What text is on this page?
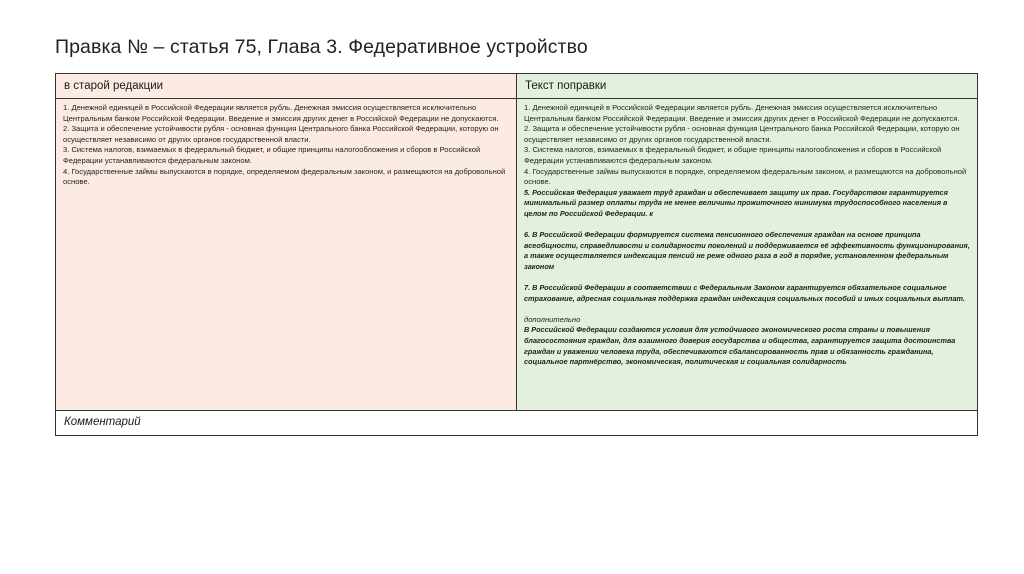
Правка № – статья 75, Глава 3. Федеративное устройство
в старой редакции	Текст поправки

1. Денежной единицей в Российской Федерации является рубль. Денежная эмиссия осуществляется исключительно Центральным банком Российской Федерации. Введение и эмиссия других денег в Российской Федерации не допускаются.

2. Защита и обеспечение устойчивости рубля - основная функция Центрального банка Российской Федерации, которую он осуществляет независимо от других органов государственной власти.

3. Система налогов, взимаемых в федеральный бюджет, и общие принципы налогообложения и сборов в Российской Федерации устанавливаются федеральным законом.

4. Государственные займы выпускаются в порядке, определяемом федеральным законом, и размещаются на добровольной основе.

1. Денежной единицей в Российской Федерации является рубль. Денежная эмиссия осуществляется исключительно Центральным банком Российской Федерации. Введение и эмиссия других денег в Российской Федерации не допускаются.

2. Защита и обеспечение устойчивости рубля - основная функция Центрального банка Российской Федерации, которую он осуществляет независимо от других органов государственной власти.

3. Система налогов, взимаемых в федеральный бюджет, и общие принципы налогообложения и сборов в Российской Федерации устанавливаются федеральным законом.

4. Государственные займы выпускаются в порядке, определяемом федеральным законом, и размещаются на добровольной основе.

5. Российская Федерация уважает труд граждан и обеспечивает защиту их прав. Государством гарантируется минимальный размер оплаты труда не менее величины прожиточного минимума трудоспособного населения в целом по Российской Федерации. к

6. В Российской Федерации формируется система пенсионного обеспечения граждан на основе принципа всеобщности, справедливости и солидарности поколений и поддерживается её эффективность функционирования, а также осуществляется индексация пенсий не реже одного раза в год в порядке, установленном федеральным законом

7. В Российской Федерации в соответствии с Федеральным Законом гарантируется обязательное социальное страхование, адресная социальная поддержка граждан индексация социальных пособий и иных социальных выплат.

дополнительно

В Российской Федерации создаются условия для устойчивого экономического роста страны и повышения благосостояния граждан, для взаимного доверия государства и общества, гарантируется защита достоинства граждан и уважении человека труда, обеспечиваются сбалансированность прав и обязанность гражданина, социальное партнёрство, экономическая, политическая и социальная солидарность

Комментарий
